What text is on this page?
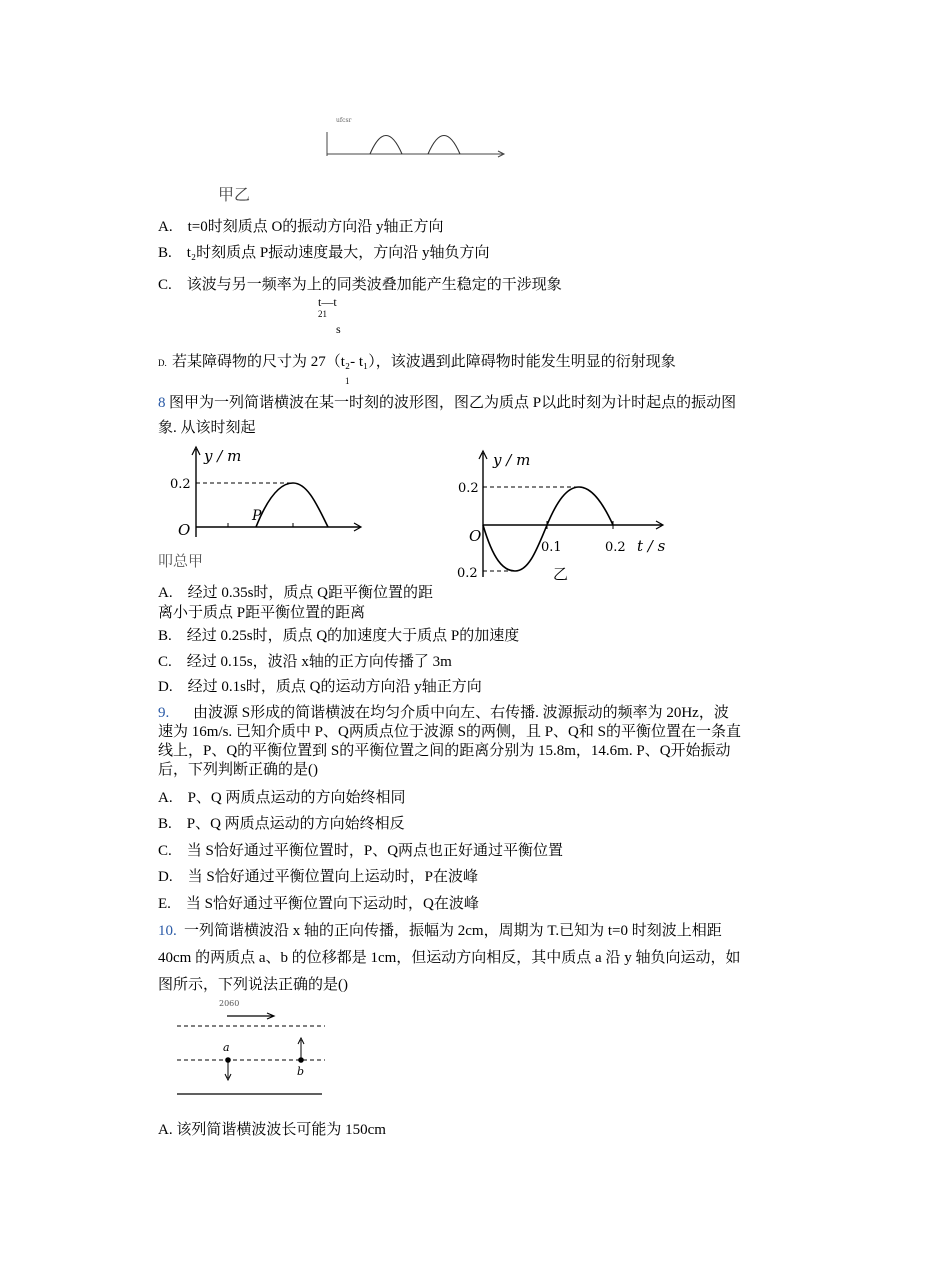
ufcsr
甲乙
A.　t=0时刻质点 O的振动方向沿 y轴正方向
B.　t₂时刻质点 P振动速度最大，方向沿 y轴负方向
C.　该波与另一频率为上的同类波叠加能产生稳定的干涉现象
t—t
21
s
D. 若某障碍物的尺寸为 27（t₂- t₁），该波遇到此障碍物时能发生明显的衍射现象
1
8 图甲为一列简谐横波在某一时刻的波形图，图乙为质点 P以此时刻为计时起点的振动图
象. 从该时刻起
y / m
0.2
O
P
y / m
0.2
0.2
O
0.1	0.2 t / s
乙
叩总甲
A.　经过 0.35s时，质点 Q距平衡位置的距
离小于质点 P距平衡位置的距离
B.　经过 0.25s时，质点 Q的加速度大于质点 P的加速度
C.　经过 0.15s，波沿 x轴的正方向传播了 3m
D.　经过 0.1s时，质点 Q的运动方向沿 y轴正方向
9. 由波源 S形成的简谐横波在均匀介质中向左、右传播. 波源振动的频率为 20Hz，波
速为 16m/s. 已知介质中 P、Q两质点位于波源 S的两侧，且 P、Q和 S的平衡位置在一条直
线上，P、Q的平衡位置到 S的平衡位置之间的距离分别为 15.8m，14.6m. P、Q开始振动
后，下列判断正确的是()
A.　P、Q 两质点运动的方向始终相同
B.　P、Q 两质点运动的方向始终相反
C.　当 S恰好通过平衡位置时，P、Q两点也正好通过平衡位置
D.　当 S恰好通过平衡位置向上运动时，P在波峰
E.　当 S恰好通过平衡位置向下运动时，Q在波峰
10. 一列简谐横波沿 x 轴的正向传播，振幅为 2cm，周期为 T.已知为 t=0 时刻波上相距
40cm 的两质点 a、b 的位移都是 1cm，但运动方向相反，其中质点 a 沿 y 轴负向运动，如
图所示，下列说法正确的是()
2060
a
b
A. 该列简谐横波波长可能为 150cm
